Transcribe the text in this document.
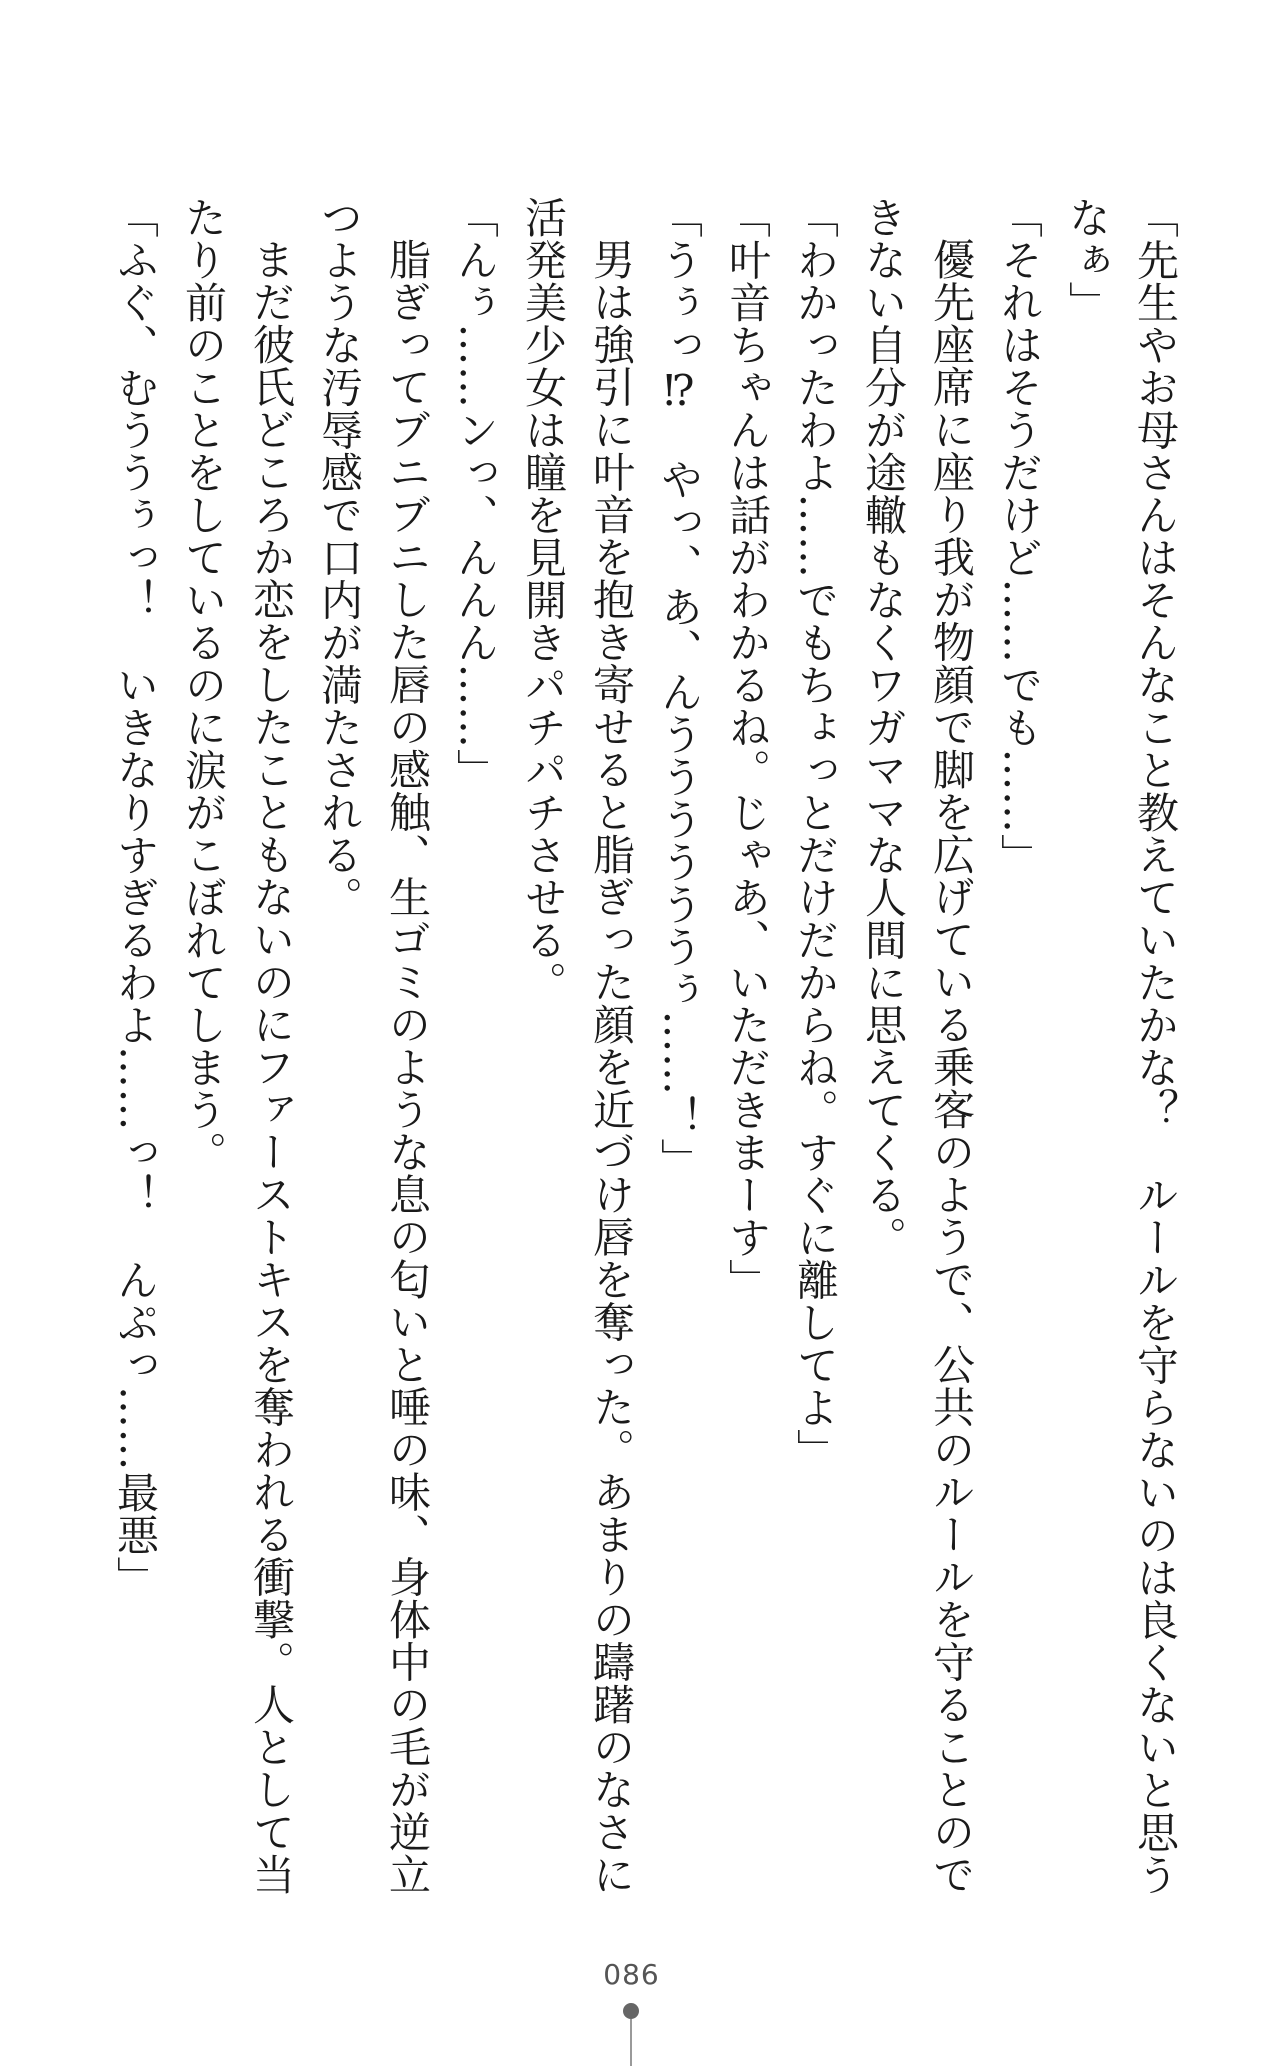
「先生やお母さんはそんなこと教えていたかな？　ルールを守らないのは良くないと思う
なぁ」
「それはそうだけど……でも……」
優先座席に座り我が物顔で脚を広げている乗客のようで、公共のルールを守ることので
きない自分が途轍もなくワガママな人間に思えてくる。
「わかったわよ……でもちょっとだけだからね。すぐに離してよ」
「叶音ちゃんは話がわかるね。じゃあ、いただきまーす」
「うぅっ⁉　やっ、あ、んううううううぅ……！」
男は強引に叶音を抱き寄せると脂ぎった顔を近づけ唇を奪った。あまりの躊躇のなさに
活発美少女は瞳を見開きパチパチさせる。
「んぅ……ンっ、んんん……」
脂ぎってブニブニした唇の感触、生ゴミのような息の匂いと唾の味、身体中の毛が逆立
つような汚辱感で口内が満たされる。
まだ彼氏どころか恋をしたこともないのにファーストキスを奪われる衝撃。人として当
たり前のことをしているのに涙がこぼれてしまう。
「ふぐ、むううぅっ！　いきなりすぎるわよ……っ！　んぷっ……最悪」
086
